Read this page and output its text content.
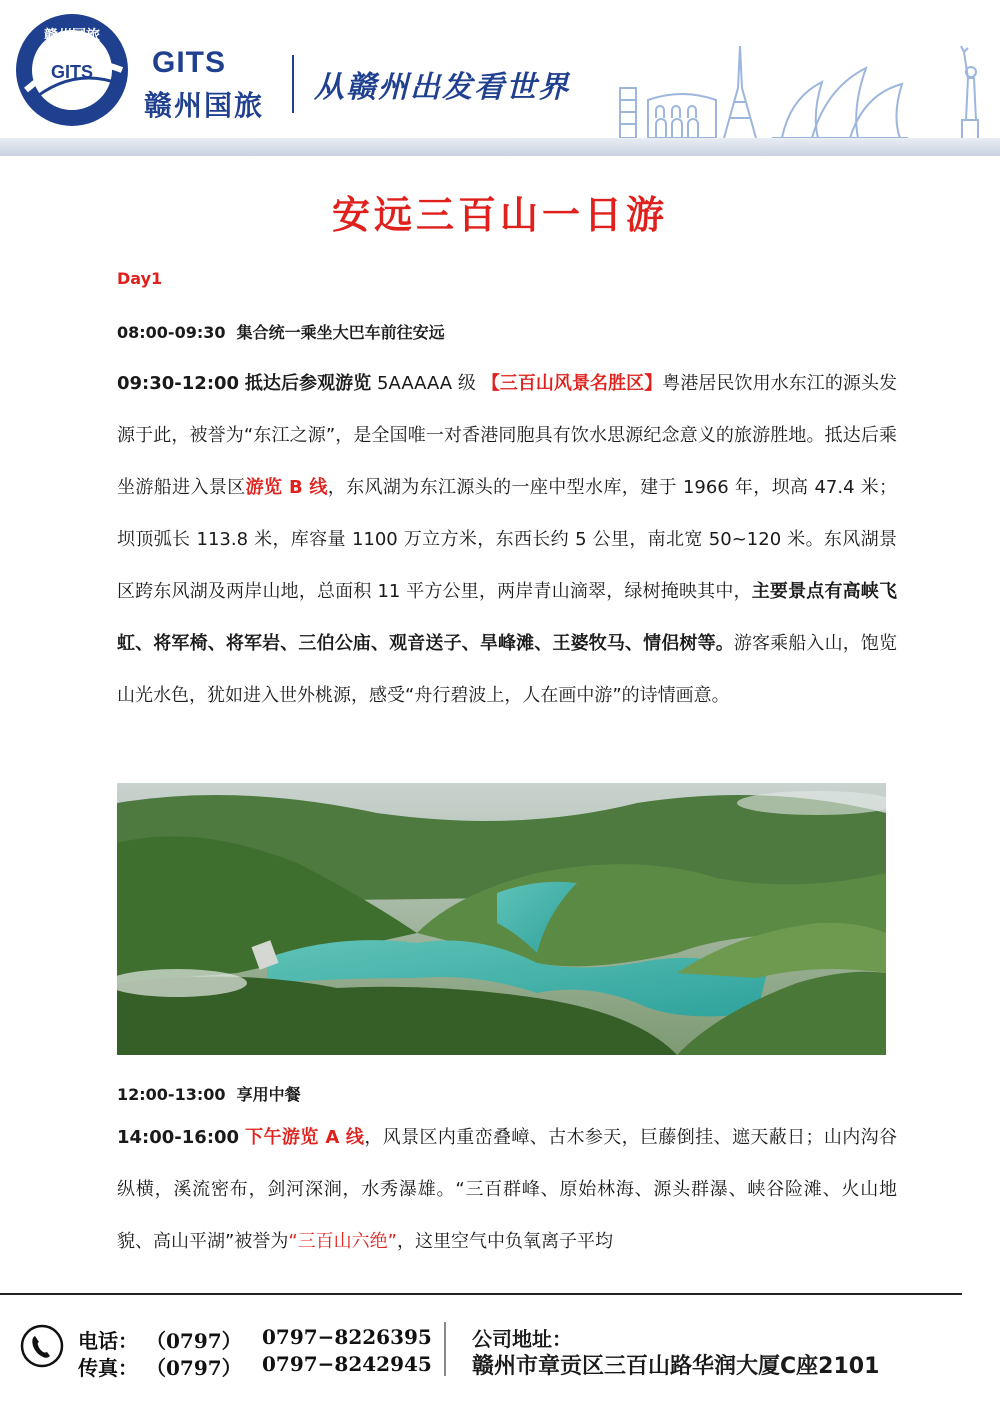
赣州国旅
GITS GITS
赣州国旅
从赣州出发看世界
安远三百山一日游
Day1
08:00-09:30 集合统一乘坐大巴车前往安远
09:30-12:00 抵达后参观游览 5AAAAA 级 【三百山风景名胜区】粤港居民饮用水东江的源头发源于此，被誉为“东江之源”，是全国唯一对香港同胞具有饮水思源纪念意义的旅游胜地。抵达后乘坐游船进入景区游览 B 线，东风湖为东江源头的一座中型水库，建于 1966 年，坝高 47.4 米；坝顶弧长 113.8 米，库容量 1100 万立方米，东西长约 5 公里，南北宽 50~120 米。东风湖景区跨东风湖及两岸山地，总面积 11 平方公里，两岸青山滴翠，绿树掩映其中，主要景点有高峡飞虹、将军椅、将军岩、三伯公庙、观音送子、旱峰滩、王婆牧马、情侣树等。游客乘船入山，饱览山光水色，犹如进入世外桃源，感受“舟行碧波上，人在画中游”的诗情画意。
12:00-13:00 享用中餐
14:00-16:00 下午游览 A 线，风景区内重峦叠嶂、古木参天，巨藤倒挂、遮天蔽日；山内沟谷纵横，溪流密布，剑河深涧，水秀瀑雄。“三百群峰、原始林海、源头群瀑、峡谷险滩、火山地貌、高山平湖”被誉为“三百山六绝”，这里空气中负氧离子平均
电话： （0797） 0797−8226395
传真： （0797） 0797−8242945
公司地址：
赣州市章贡区三百山路华润大厦C座2101
